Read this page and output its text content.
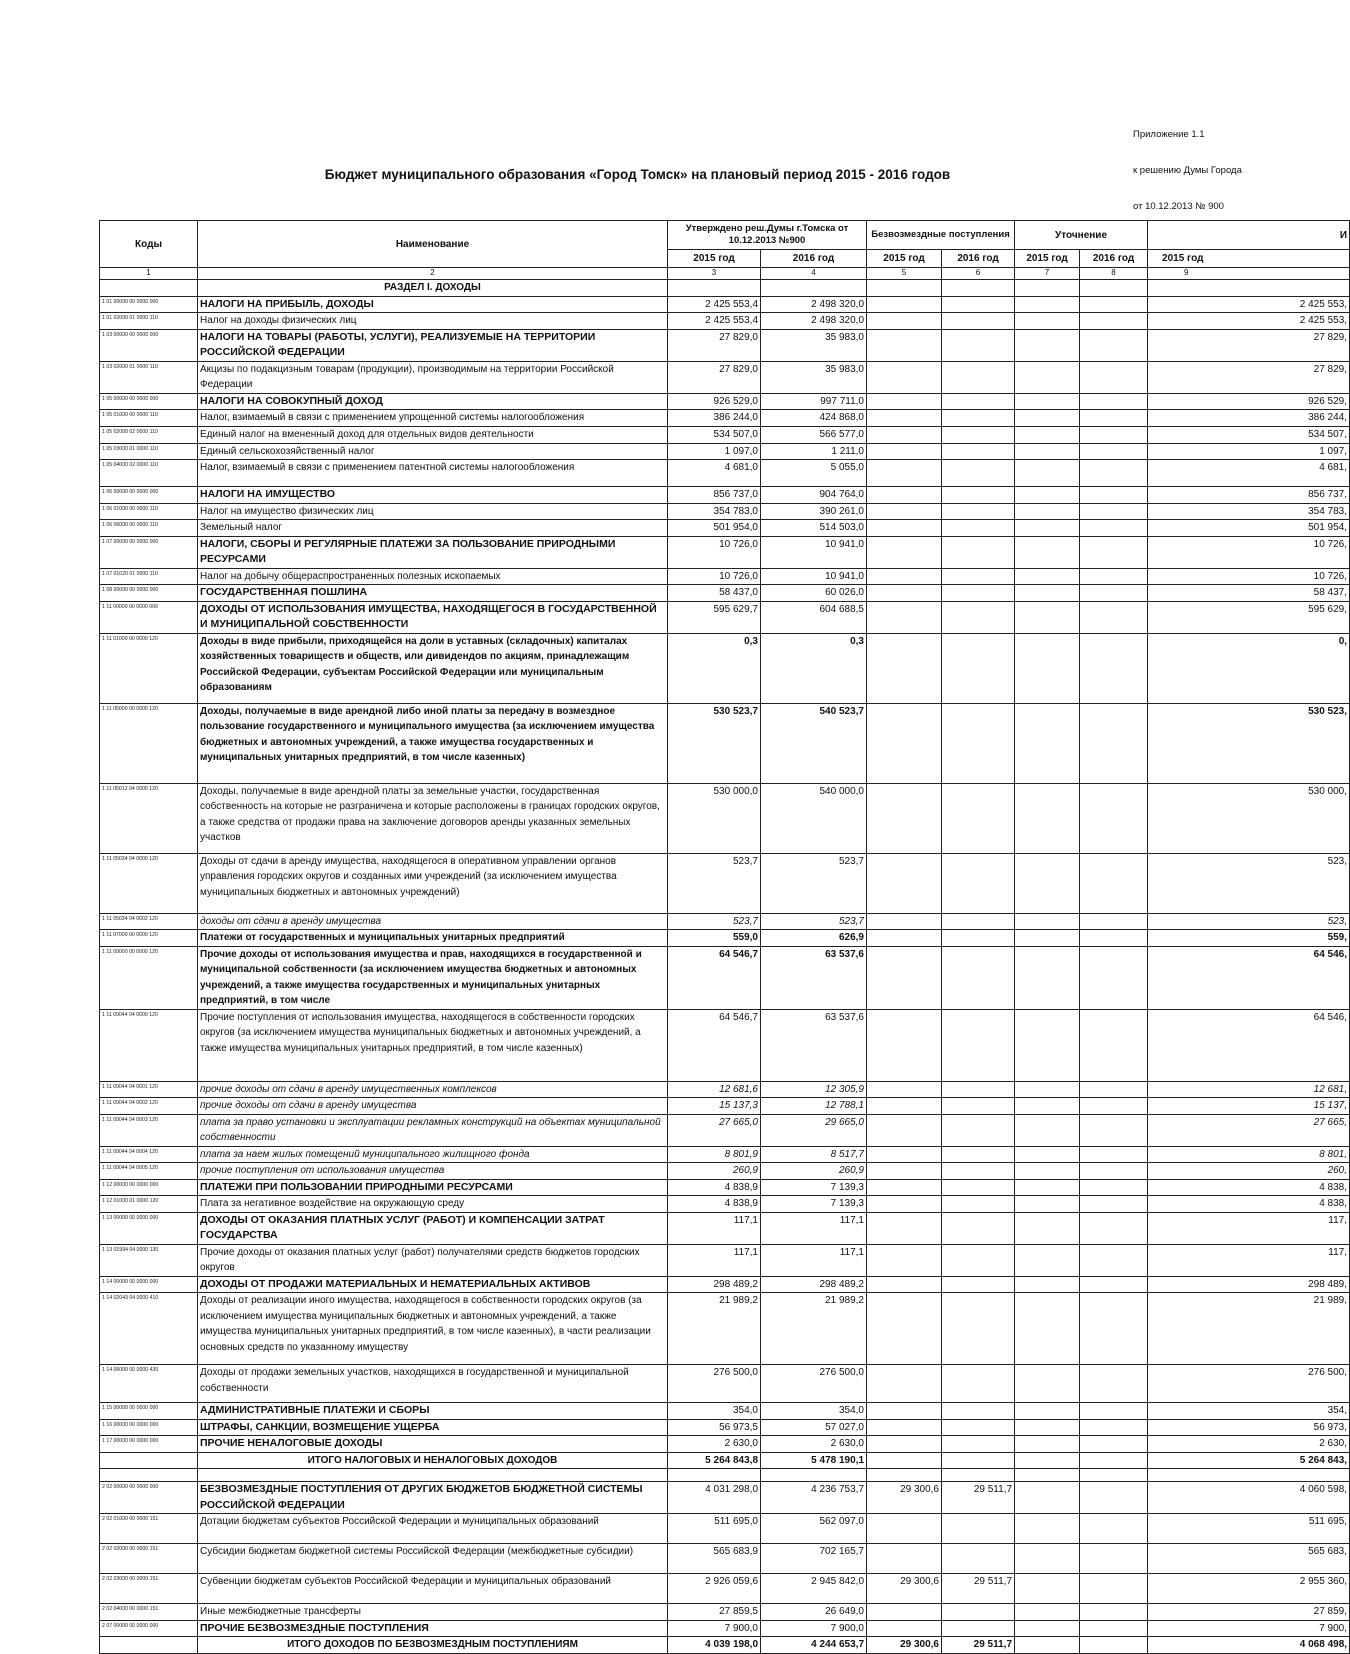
Приложение 1.1

к решению Думы Города

от 10.12.2013 № 900

Бюджет муниципального образования «Город Томск» на плановый период 2015 - 2016 годов
Коды	Наименование	Утверждено реш.Думы г.Томска от 10.12.2013 №900		Безвозмездные поступления		Уточнение		И
		2015 год	2016 год	2015 год	2016 год	2015 год	2016 год	2015 год
1	2	3	4	5	6	7	8	9
	РАЗДЕЛ I. ДОХОДЫ							
1 01 00000 00 0000 000	НАЛОГИ НА ПРИБЫЛЬ, ДОХОДЫ	2 425 553,4	2 498 320,0					2 425 553,
1 01 02000 01 0000 110	Налог на доходы физических лиц	2 425 553,4	2 498 320,0					2 425 553,
1 03 00000 00 0000 000	НАЛОГИ НА ТОВАРЫ (РАБОТЫ, УСЛУГИ), РЕАЛИЗУЕМЫЕ НА ТЕРРИТОРИИ РОССИЙСКОЙ ФЕДЕРАЦИИ	27 829,0	35 983,0					27 829,
1 03 02000 01 0000 110	Акцизы по подакцизным товарам (продукции), производимым на территории Российской Федерации	27 829,0	35 983,0					27 829,
1 05 00000 00 0000 000	НАЛОГИ НА СОВОКУПНЫЙ ДОХОД	926 529,0	997 711,0					926 529,
1 05 01000 00 0000 110	Налог, взимаемый в связи с применением упрощенной системы налогообложения	386 244,0	424 868,0					386 244,
1 05 02000 02 0000 110	Единый налог на вмененный доход для отдельных видов деятельности	534 507,0	566 577,0					534 507,
1 05 03000 01 0000 110	Единый сельскохозяйственный налог	1 097,0	1 211,0					1 097,
1 05 04000 02 0000 110	Налог, взимаемый в связи с применением патентной системы налогообложения	4 681,0	5 055,0					4 681,
1 06 00000 00 0000 000	НАЛОГИ НА ИМУЩЕСТВО	856 737,0	904 764,0					856 737,
1 06 01000 00 0000 110	Налог на имущество физических лиц	354 783,0	390 261,0					354 783,
1 06 06000 00 0000 110	Земельный налог	501 954,0	514 503,0					501 954,
1 07 00000 00 0000 000	НАЛОГИ, СБОРЫ И РЕГУЛЯРНЫЕ ПЛАТЕЖИ ЗА ПОЛЬЗОВАНИЕ ПРИРОДНЫМИ РЕСУРСАМИ	10 726,0	10 941,0					10 726,
1 07 01020 01 0000 110	Налог на добычу общераспространенных полезных ископаемых	10 726,0	10 941,0					10 726,
1 08 00000 00 0000 000	ГОСУДАРСТВЕННАЯ ПОШЛИНА	58 437,0	60 026,0					58 437,
1 11 00000 00 0000 000	ДОХОДЫ ОТ ИСПОЛЬЗОВАНИЯ ИМУЩЕСТВА, НАХОДЯЩЕГОСЯ В ГОСУДАРСТВЕННОЙ И МУНИЦИПАЛЬНОЙ СОБСТВЕННОСТИ	595 629,7	604 688,5					595 629,
1 11 01000 00 0000 120	Доходы в виде прибыли, приходящейся на доли в уставных (складочных) капиталах хозяйственных товариществ и обществ, или дивидендов по акциям, принадлежащим Российской Федерации, субъектам Российской Федерации или муниципальным образованиям	0,3	0,3					0,
1 11 05000 00 0000 120	Доходы, получаемые в виде арендной либо иной платы за передачу в возмездное пользование государственного и муниципального имущества (за исключением имущества бюджетных и автономных учреждений, а также имущества государственных и муниципальных унитарных предприятий, в том числе казенных)	530 523,7	540 523,7					530 523,
1 11 05012 04 0000 120	Доходы, получаемые в виде арендной платы за земельные участки, государственная собственность на которые не разграничена и которые расположены в границах городских округов, а также средства от продажи права на заключение договоров аренды указанных земельных участков	530 000,0	540 000,0					530 000,
1 11 05034 04 0000 120	Доходы от сдачи в аренду имущества, находящегося в оперативном управлении органов управления городских округов и созданных ими учреждений (за исключением имущества муниципальных бюджетных и автономных учреждений)	523,7	523,7					523,
1 11 05034 04 0002 120	доходы от сдачи в аренду имущества	523,7	523,7					523,
1 11 07000 00 0000 120	Платежи от государственных и муниципальных унитарных предприятий	559,0	626,9					559,
1 11 09000 00 0000 120	Прочие доходы от использования имущества и прав, находящихся в государственной и муниципальной собственности (за исключением имущества бюджетных и автономных учреждений, а также имущества государственных и муниципальных унитарных предприятий, в том числе	64 546,7	63 537,6					64 546,
1 11 09044 04 0000 120	Прочие поступления от использования имущества, находящегося в собственности городских округов (за исключением имущества муниципальных бюджетных и автономных учреждений, а также имущества муниципальных унитарных предприятий, в том числе казенных)	64 546,7	63 537,6					64 546,
1 11 09044 04 0001 120	прочие доходы от сдачи в аренду имущественных комплексов	12 681,6	12 305,9					12 681,
1 11 09044 04 0002 120	прочие доходы от сдачи в аренду имущества	15 137,3	12 788,1					15 137,
1 11 09044 04 0003 120	плата за право установки и эксплуатации рекламных конструкций на объектах муниципальной собственности	27 665,0	29 665,0					27 665,
1 11 09044 04 0004 120	плата за наем жилых помещений муниципального жилищного фонда	8 801,9	8 517,7					8 801,
1 11 09044 04 0005 120	прочие поступления от использования имущества	260,9	260,9					260,
1 12 00000 00 0000 000	ПЛАТЕЖИ ПРИ ПОЛЬЗОВАНИИ ПРИРОДНЫМИ РЕСУРСАМИ	4 838,9	7 139,3					4 838,
1 12 01000 01 0000 120	Плата за негативное воздействие на окружающую среду	4 838,9	7 139,3					4 838,
1 13 00000 00 0000 000	ДОХОДЫ ОТ ОКАЗАНИЯ ПЛАТНЫХ УСЛУГ (РАБОТ) И КОМПЕНСАЦИИ ЗАТРАТ ГОСУДАРСТВА	117,1	117,1					117,
1 13 01994 04 0000 130	Прочие доходы от оказания платных услуг (работ) получателями средств бюджетов городских округов	117,1	117,1					117,
1 14 00000 00 0000 000	ДОХОДЫ ОТ ПРОДАЖИ МАТЕРИАЛЬНЫХ И НЕМАТЕРИАЛЬНЫХ АКТИВОВ	298 489,2	298 489,2					298 489,
1 14 02043 04 0000 410	Доходы от реализации иного имущества, находящегося в собственности городских округов (за исключением имущества муниципальных бюджетных и автономных учреждений, а также имущества муниципальных унитарных предприятий, в том числе казенных), в части реализации основных средств по указанному имуществу	21 989,2	21 989,2					21 989,
1 14 06000 00 0000 430	Доходы от продажи земельных участков, находящихся в государственной и муниципальной собственности	276 500,0	276 500,0					276 500,
1 15 00000 00 0000 000	АДМИНИСТРАТИВНЫЕ ПЛАТЕЖИ И СБОРЫ	354,0	354,0					354,
1 16 00000 00 0000 000	ШТРАФЫ, САНКЦИИ, ВОЗМЕЩЕНИЕ УЩЕРБА	56 973,5	57 027,0					56 973,
1 17 00000 00 0000 000	ПРОЧИЕ НЕНАЛОГОВЫЕ ДОХОДЫ	2 630,0	2 630,0					2 630,
	ИТОГО НАЛОГОВЫХ И НЕНАЛОГОВЫХ ДОХОДОВ	5 264 843,8	5 478 190,1					5 264 843,

2 02 00000 00 0000 000	БЕЗВОЗМЕЗДНЫЕ ПОСТУПЛЕНИЯ ОТ ДРУГИХ БЮДЖЕТОВ БЮДЖЕТНОЙ СИСТЕМЫ РОССИЙСКОЙ ФЕДЕРАЦИИ	4 031 298,0	4 236 753,7	29 300,6	29 511,7			4 060 598,
2 02 01000 00 0000 151	Дотации бюджетам субъектов Российской Федерации и муниципальных образований	511 695,0	562 097,0					511 695,
2 02 02000 00 0000 151	Субсидии бюджетам бюджетной системы Российской Федерации (межбюджетные субсидии)	565 683,9	702 165,7					565 683,
2 02 03000 00 0000 151	Субвенции бюджетам субъектов Российской Федерации и муниципальных образований	2 926 059,6	2 945 842,0	29 300,6	29 511,7			2 955 360,
2 02 04000 00 0000 151	Иные межбюджетные трансферты	27 859,5	26 649,0					27 859,
2 07 00000 00 0000 000	ПРОЧИЕ БЕЗВОЗМЕЗДНЫЕ ПОСТУПЛЕНИЯ	7 900,0	7 900,0					7 900,
	ИТОГО ДОХОДОВ ПО БЕЗВОЗМЕЗДНЫМ ПОСТУПЛЕНИЯМ	4 039 198,0	4 244 653,7	29 300,6	29 511,7			4 068 498,
